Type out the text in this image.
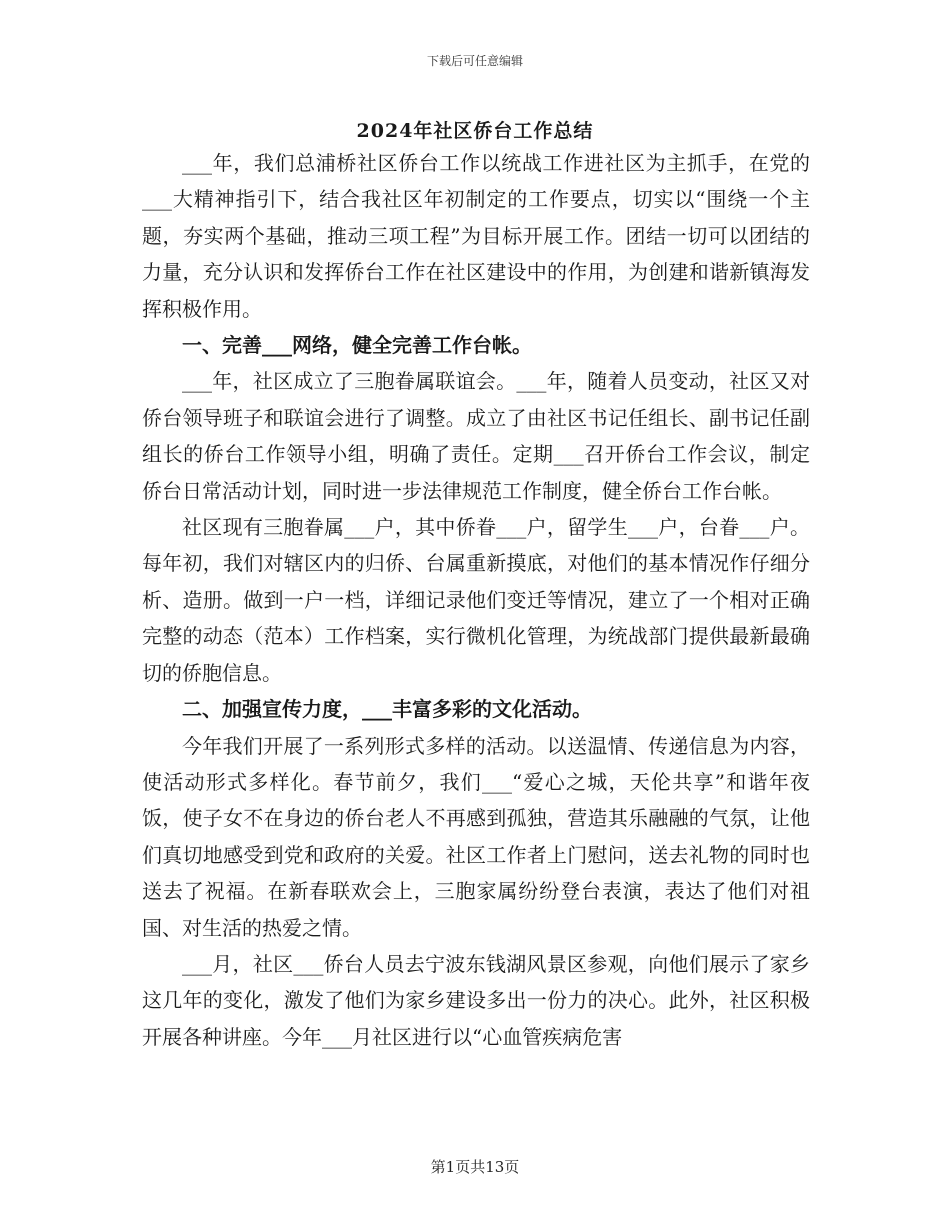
下载后可任意编辑
2024年社区侨台工作总结

___年，我们总浦桥社区侨台工作以统战工作进社区为主抓手，在党的___大精神指引下，结合我社区年初制定的工作要点，切实以“围绕一个主题，夯实两个基础，推动三项工程”为目标开展工作。团结一切可以团结的力量，充分认识和发挥侨台工作在社区建设中的作用，为创建和谐新镇海发挥积极作用。

一、完善___网络，健全完善工作台帐。

___年，社区成立了三胞眷属联谊会。___年，随着人员变动，社区又对侨台领导班子和联谊会进行了调整。成立了由社区书记任组长、副书记任副组长的侨台工作领导小组，明确了责任。定期___召开侨台工作会议，制定侨台日常活动计划，同时进一步法律规范工作制度，健全侨台工作台帐。

社区现有三胞眷属___户，其中侨眷___户，留学生___户，台眷___户。每年初，我们对辖区内的归侨、台属重新摸底，对他们的基本情况作仔细分析、造册。做到一户一档，详细记录他们变迁等情况，建立了一个相对正确完整的动态（范本）工作档案，实行微机化管理，为统战部门提供最新最确切的侨胞信息。

二、加强宣传力度，___丰富多彩的文化活动。

今年我们开展了一系列形式多样的活动。以送温情、传递信息为内容，使活动形式多样化。春节前夕，我们___“爱心之城，天伦共享”和谐年夜饭，使子女不在身边的侨台老人不再感到孤独，营造其乐融融的气氛，让他们真切地感受到党和政府的关爱。社区工作者上门慰问，送去礼物的同时也送去了祝福。在新春联欢会上，三胞家属纷纷登台表演，表达了他们对祖国、对生活的热爱之情。

___月，社区___侨台人员去宁波东钱湖风景区参观，向他们展示了家乡这几年的变化，激发了他们为家乡建设多出一份力的决心。此外，社区积极开展各种讲座。今年___月社区进行以“心血管疾病危害

第1页共13页
